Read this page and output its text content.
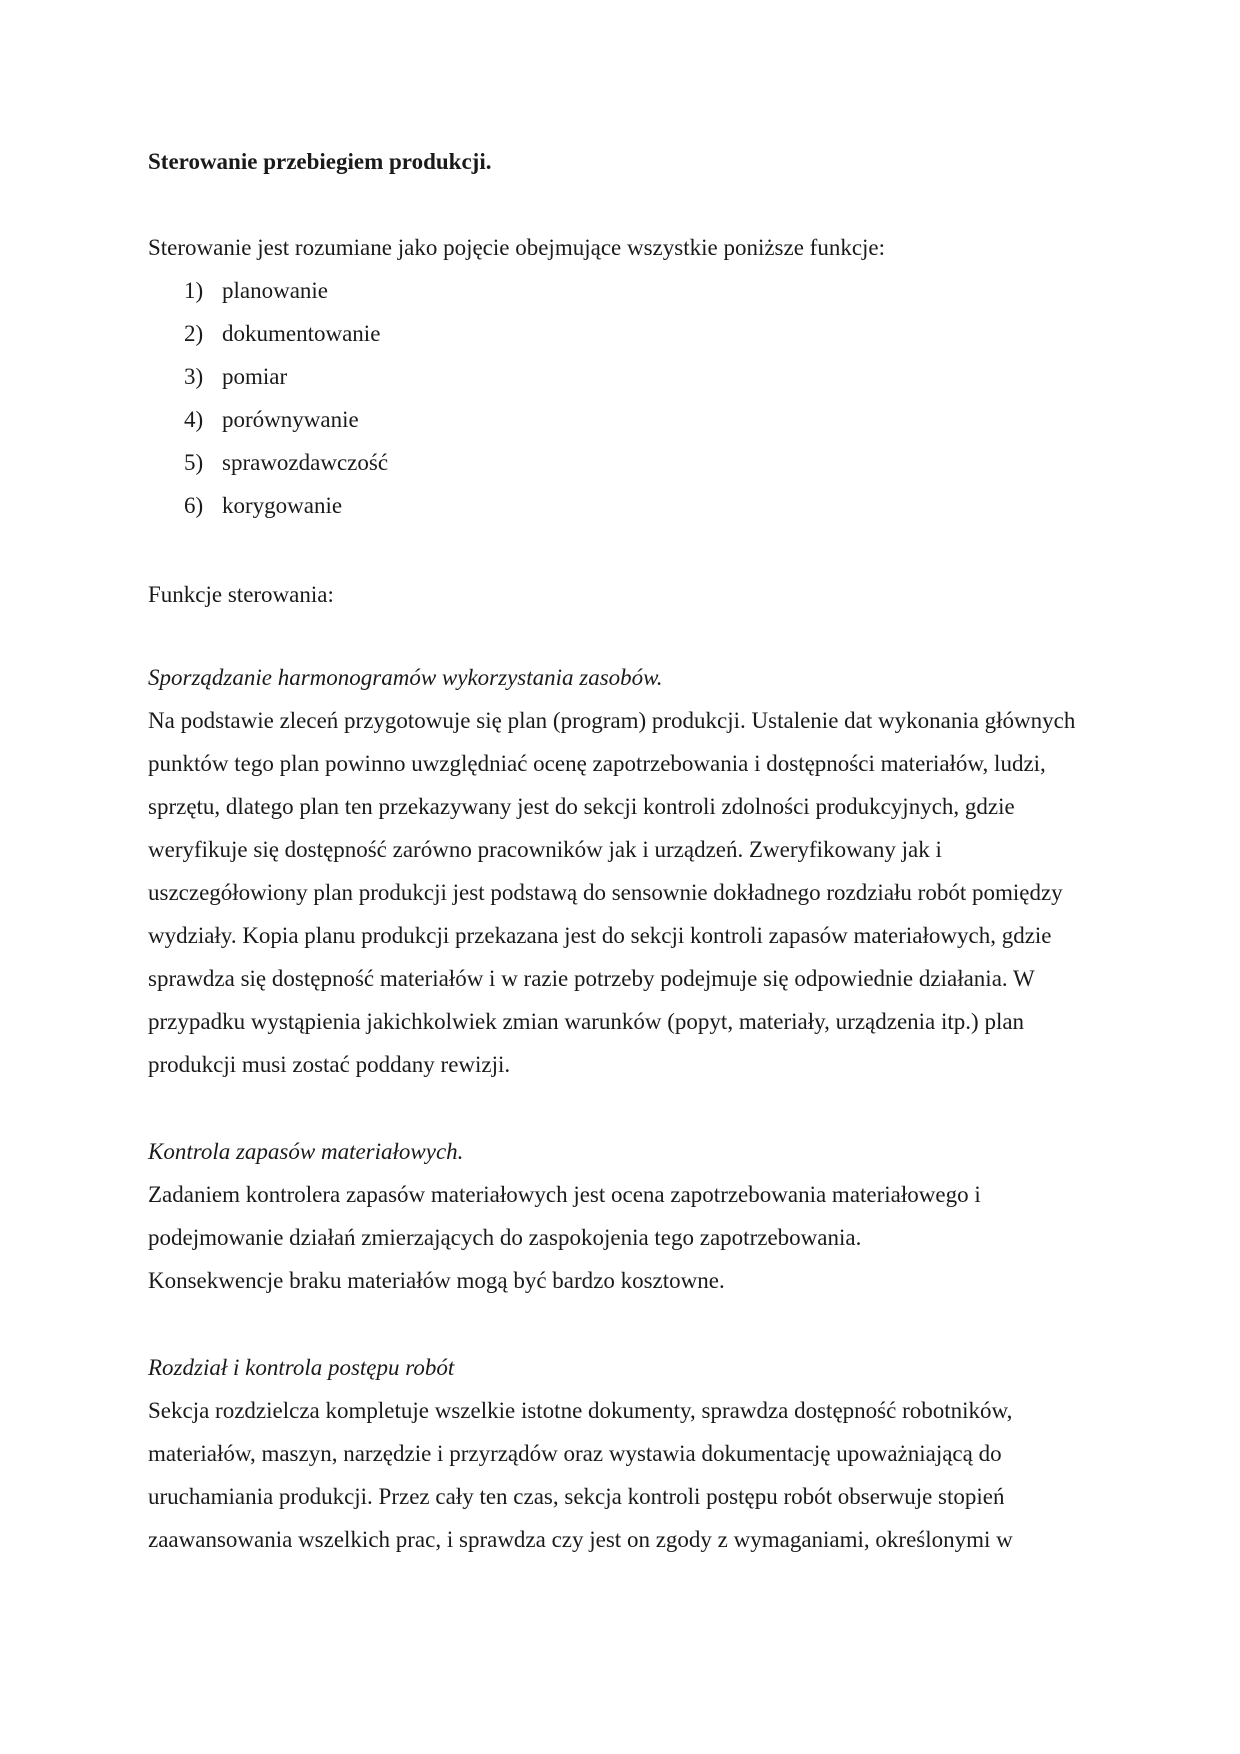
Sterowanie przebiegiem produkcji.

Sterowanie jest rozumiane jako pojęcie obejmujące wszystkie poniższe funkcje:

1) planowanie
2) dokumentowanie
3) pomiar
4) porównywanie
5) sprawozdawczość
6) korygowanie

Funkcje sterowania:

Sporządzanie harmonogramów wykorzystania zasobów.

Na podstawie zleceń przygotowuje się plan (program) produkcji. Ustalenie dat wykonania głównych punktów tego plan powinno uwzględniać ocenę zapotrzebowania i dostępności materiałów, ludzi, sprzętu, dlatego plan ten przekazywany jest do sekcji kontroli zdolności produkcyjnych, gdzie weryfikuje się dostępność zarówno pracowników jak i urządzeń. Zweryfikowany jak i uszczegółowiony plan produkcji jest podstawą do sensownie dokładnego rozdziału robót pomiędzy wydziały. Kopia planu produkcji przekazana jest do sekcji kontroli zapasów materiałowych, gdzie sprawdza się dostępność materiałów i w razie potrzeby podejmuje się odpowiednie działania. W przypadku wystąpienia jakichkolwiek zmian warunków (popyt, materiały, urządzenia itp.) plan produkcji musi zostać poddany rewizji.

Kontrola zapasów materiałowych.

Zadaniem kontrolera zapasów materiałowych jest ocena zapotrzebowania materiałowego i podejmowanie działań zmierzających do zaspokojenia tego zapotrzebowania.

Konsekwencje braku materiałów mogą być bardzo kosztowne.

Rozdział i kontrola postępu robót

Sekcja rozdzielcza kompletuje wszelkie istotne dokumenty, sprawdza dostępność robotników, materiałów, maszyn, narzędzie i przyrządów oraz wystawia dokumentację upoważniającą do uruchamiania produkcji. Przez cały ten czas, sekcja kontroli postępu robót obserwuje stopień zaawansowania wszelkich prac, i sprawdza czy jest on zgody z wymaganiami, określonymi w
